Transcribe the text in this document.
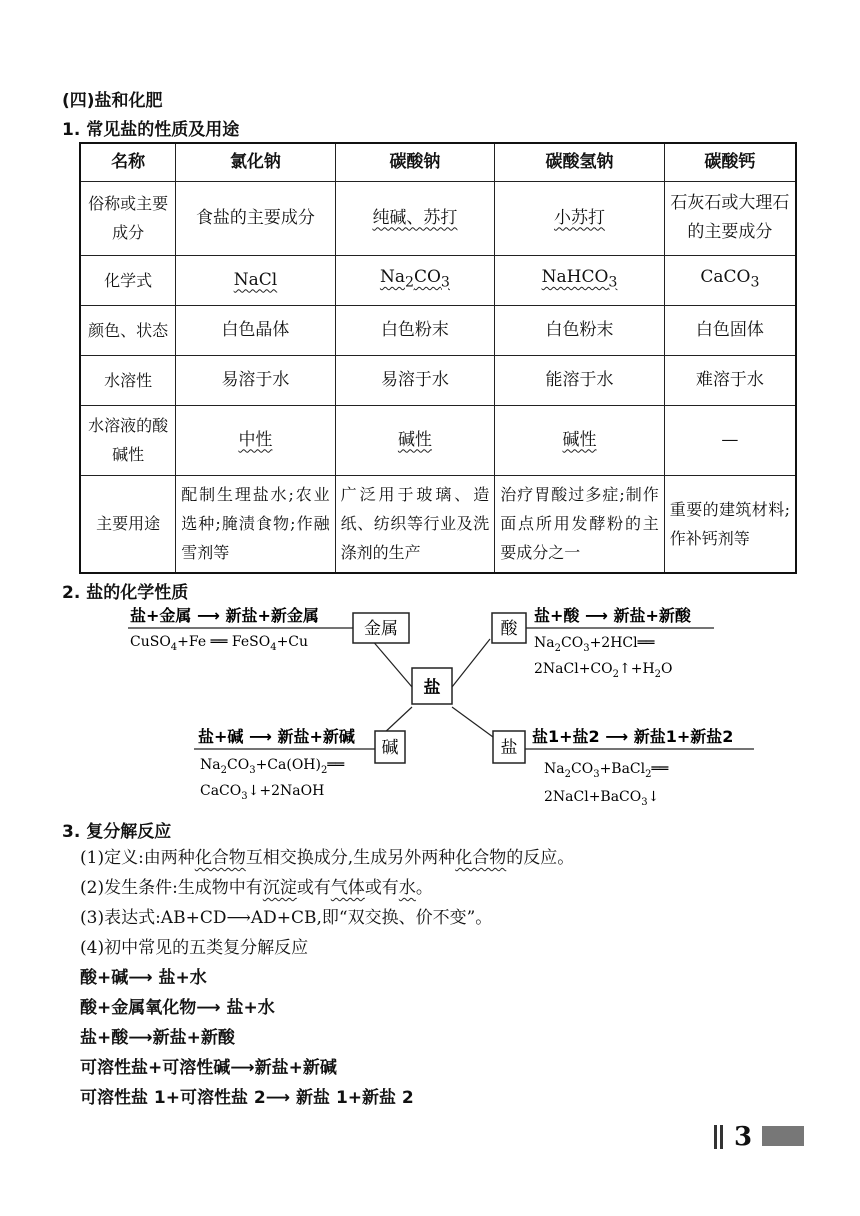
(四)盐和化肥
1. 常见盐的性质及用途
名称	氯化钠	碳酸钠	碳酸氢钠	碳酸钙
俗称或主要成分	食盐的主要成分	纯碱、苏打	小苏打	石灰石或大理石的主要成分
化学式	NaCl	$Na_2CO_3$	NaHCO$_3$	CaCO$_3$
颜色、状态	白色晶体	白色粉末	白色粉末	白色固体
水溶性	易溶于水	易溶于水	能溶于水	难溶于水
水溶液的酸碱性	中性	碱性	碱性	—
主要用途	配制生理盐水;农业选种;腌渍食物;作融雪剂等	广泛用于玻璃、造纸、纺织等行业及洗涤剂的生产	治疗胃酸过多症;制作面点所用发酵粉的主要成分之一	重要的建筑材料;作补钙剂等
2. 盐的化学性质
盐
金属
盐+金属 ⟶ 新盐+新金属
CuSO$_4$+Fe ══ FeSO$_4$+Cu
酸
盐+酸 ⟶ 新盐+新酸
$Na_2CO_3+2HCl══$
$2NaCl+CO_2↑+H_2O$
碱
盐+碱 ⟶ 新盐+新碱
$Na_2CO_3+Ca(OH)_2══$
CaCO$_3$↓+2NaOH
盐
盐1+盐2 ⟶ 新盐1+新盐2
$Na_2CO_3+BaCl_2══$
2NaCl+BaCO$_3$↓
3. 复分解反应
(1)定义:由两种化合物互相交换成分,生成另外两种化合物的反应。
(2)发生条件:生成物中有沉淀或有气体或有水。
(3)表达式:AB+CD⟶AD+CB,即“双交换、价不变”。
(4)初中常见的五类复分解反应
酸+碱⟶ 盐+水
酸+金属氧化物⟶ 盐+水
盐+酸⟶新盐+新酸
可溶性盐+可溶性碱⟶新盐+新碱
可溶性盐 1+可溶性盐 2⟶ 新盐 1+新盐 2
3
